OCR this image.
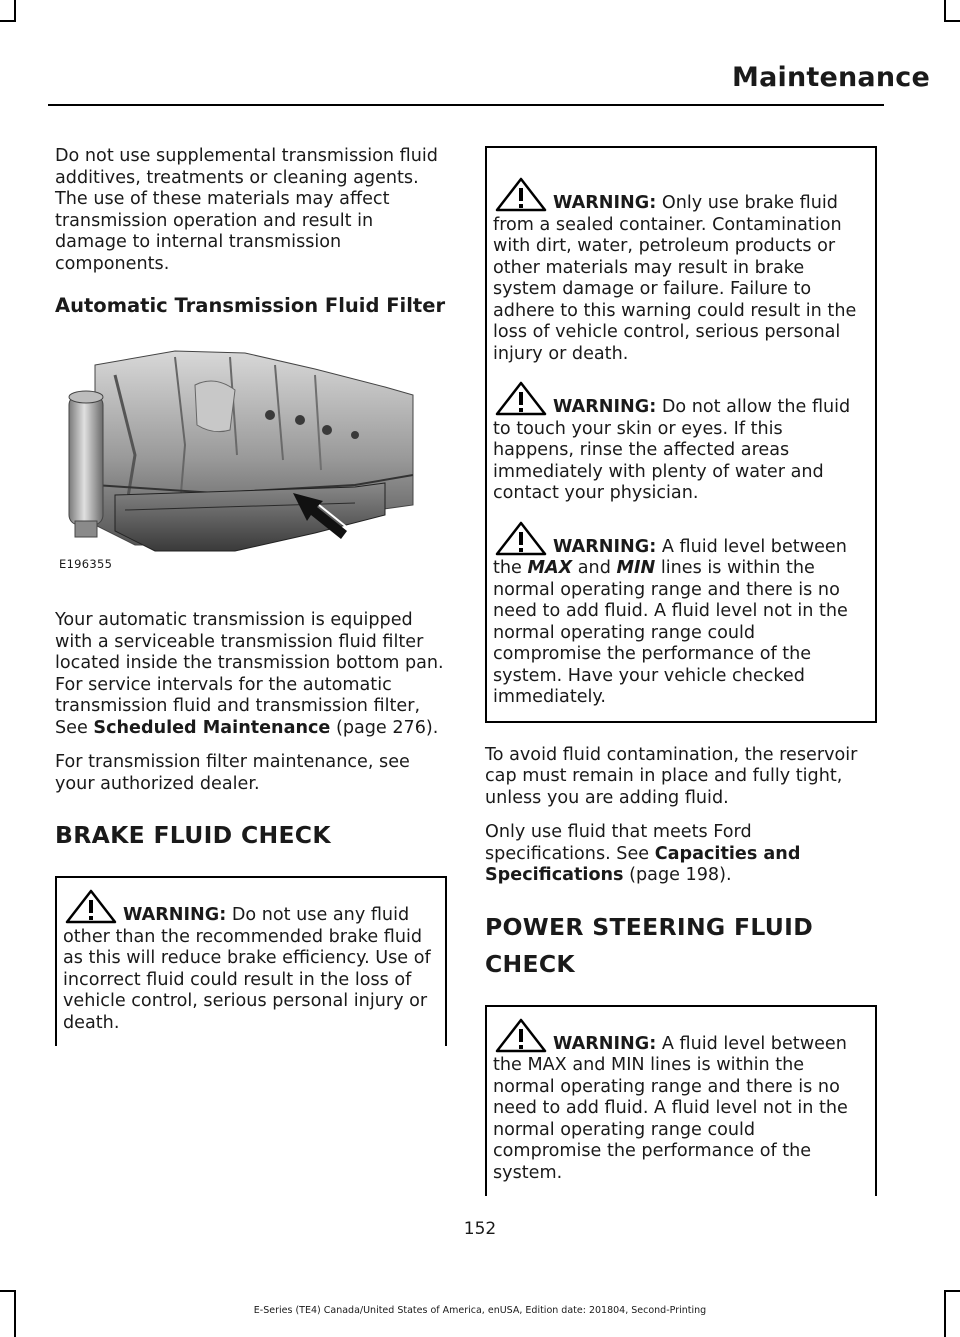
Maintenance

Do not use supplemental transmission fluid additives, treatments or cleaning agents. The use of these materials may affect transmission operation and result in damage to internal transmission components.

Automatic Transmission Fluid Filter
E196355

Your automatic transmission is equipped with a serviceable transmission fluid filter located inside the transmission bottom pan. For service intervals for the automatic transmission fluid and transmission filter, See Scheduled Maintenance (page 276).

For transmission filter maintenance, see your authorized dealer.

BRAKE FLUID CHECK

WARNING: Do not use any fluid other than the recommended brake fluid as this will reduce brake efficiency. Use of incorrect fluid could result in the loss of vehicle control, serious personal injury or death.

WARNING: Only use brake fluid from a sealed container. Contamination with dirt, water, petroleum products or other materials may result in brake system damage or failure. Failure to adhere to this warning could result in the loss of vehicle control, serious personal injury or death.

WARNING: Do not allow the fluid to touch your skin or eyes. If this happens, rinse the affected areas immediately with plenty of water and contact your physician.

WARNING: A fluid level between the MAX and MIN lines is within the normal operating range and there is no need to add fluid. A fluid level not in the normal operating range could compromise the performance of the system. Have your vehicle checked immediately.

To avoid fluid contamination, the reservoir cap must remain in place and fully tight, unless you are adding fluid.

Only use fluid that meets Ford specifications. See Capacities and Specifications (page 198).

POWER STEERING FLUID
CHECK

WARNING: A fluid level between the MAX and MIN lines is within the normal operating range and there is no need to add fluid. A fluid level not in the normal operating range could compromise the performance of the system.

152
E-Series (TE4) Canada/United States of America, enUSA, Edition date: 201804, Second-Printing
